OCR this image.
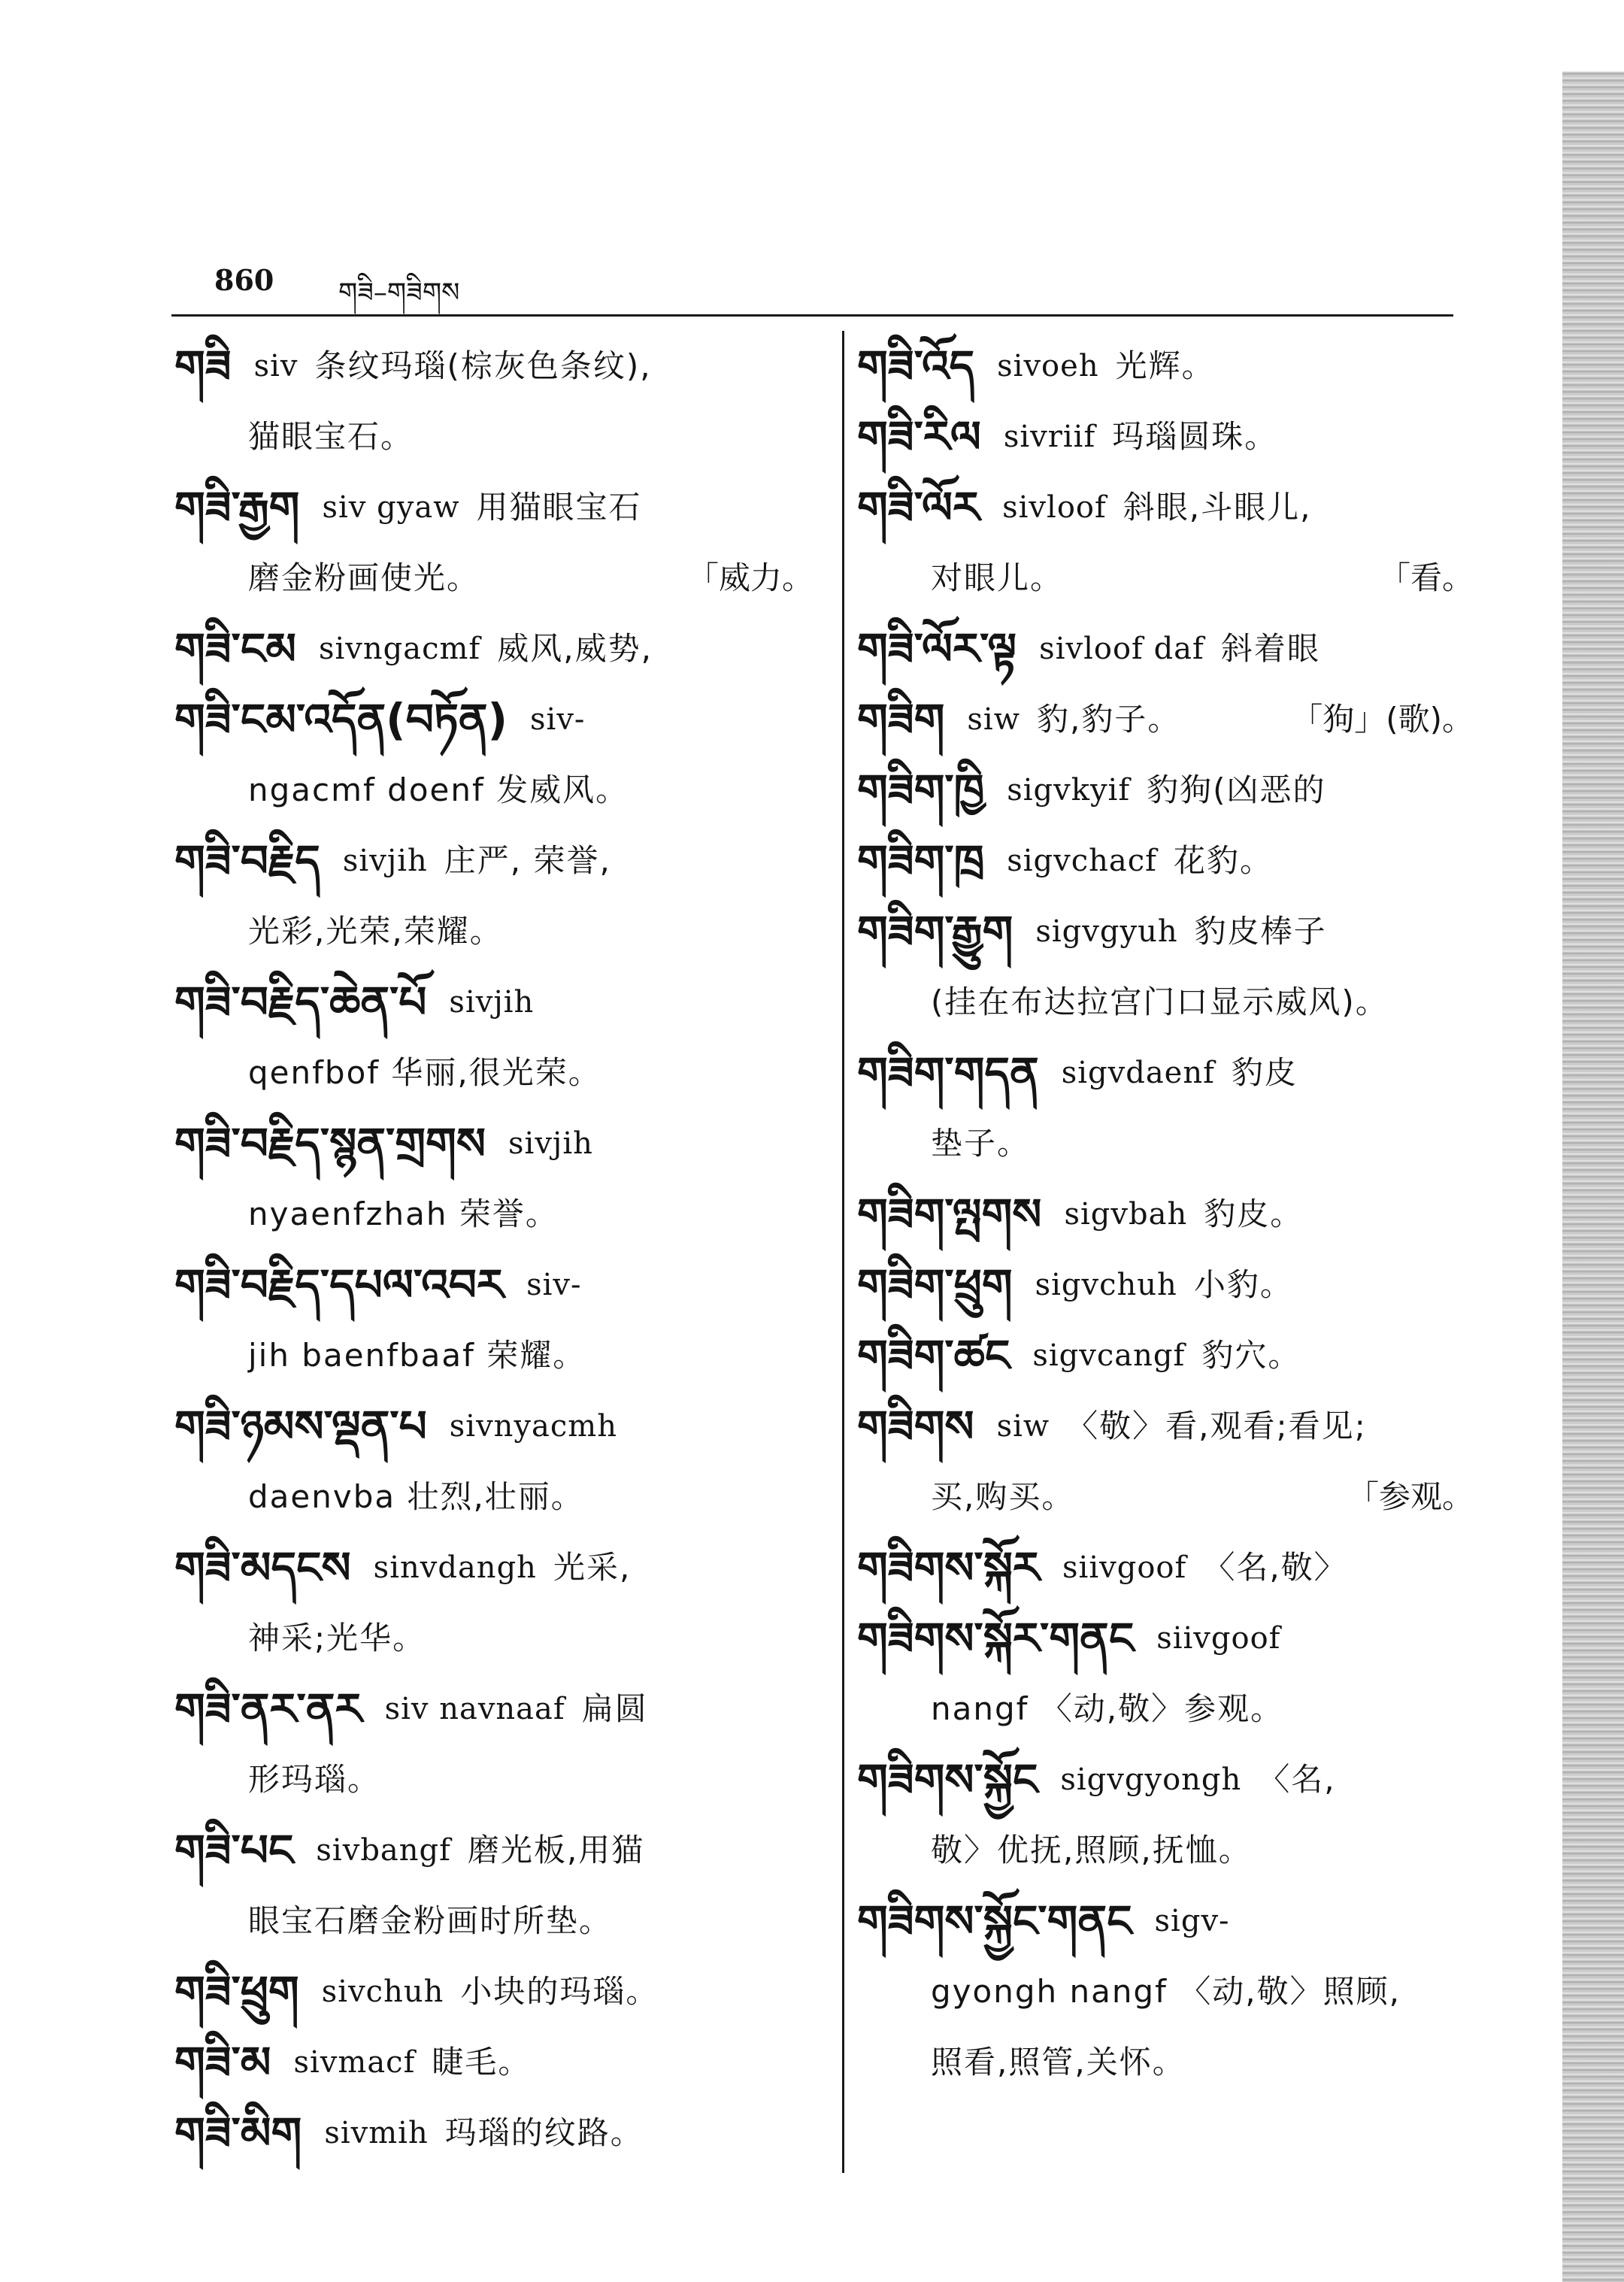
860 གཟི–གཟིགས
གཟི siv 条纹玛瑙(棕灰色条纹),
猫眼宝石。
གཟི་རྒྱག siv gyaw 用猫眼宝石
磨金粉画使光。	「威力。
གཟི་ངམ sivngacmf 威风,威势,
གཟི་ངམ་འདོན(བཏོན) siv-
ngacmf doenf 发威风。
གཟི་བརྗིད sivjih 庄严, 荣誉,
光彩,光荣,荣耀。
གཟི་བརྗིད་ཆེན་པོ sivjih
qenfbof 华丽,很光荣。
གཟི་བརྗིད་སྙན་གྲགས sivjih
nyaenfzhah 荣誉。
གཟི་བརྗིད་དཔལ་འབར siv-
jih baenfbaaf 荣耀。
གཟི་ཉམས་ལྡན་པ sivnyacmh
daenvba 壮烈,壮丽。
གཟི་མདངས sinvdangh 光采,
神采;光华。
གཟི་ནར་ནར siv navnaaf 扁圆
形玛瑙。
གཟི་པང sivbangf 磨光板,用猫
眼宝石磨金粉画时所垫。
གཟི་ཕྲུག sivchuh 小块的玛瑙。
གཟི་མ sivmacf 睫毛。
གཟི་མིག sivmih 玛瑙的纹路。
གཟི་འོད sivoeh 光辉。
གཟི་རིལ sivriif 玛瑙圆珠。
གཟི་ལོར sivloof 斜眼,斗眼儿,
对眼儿。	「看。
གཟི་ལོར་ལྟ sivloof daf 斜着眼
གཟིག siw 豹,豹子。	「狗」(歌)。
གཟིག་ཁྱི sigvkyif 豹狗(凶恶的
གཟིག་ཁྲ sigvchacf 花豹。
གཟིག་རྒྱུག sigvgyuh 豹皮棒子
(挂在布达拉宫门口显示威风)。
གཟིག་གདན sigvdaenf 豹皮
垫子。
གཟིག་ལྤགས sigvbah 豹皮。
གཟིག་ཕྲུག sigvchuh 小豹。
གཟིག་ཚང sigvcangf 豹穴。
གཟིགས siw 〈敬〉看,观看;看见;
买,购买。	「参观。
གཟིགས་སྐོར siivgoof 〈名,敬〉
གཟིགས་སྐོར་གནང siivgoof
nangf 〈动,敬〉参观。
གཟིགས་སྐྱོང sigvgyongh 〈名,
敬〉优抚,照顾,抚恤。
གཟིགས་སྐྱོང་གནང sigv-
gyongh nangf 〈动,敬〉照顾,
照看,照管,关怀。
